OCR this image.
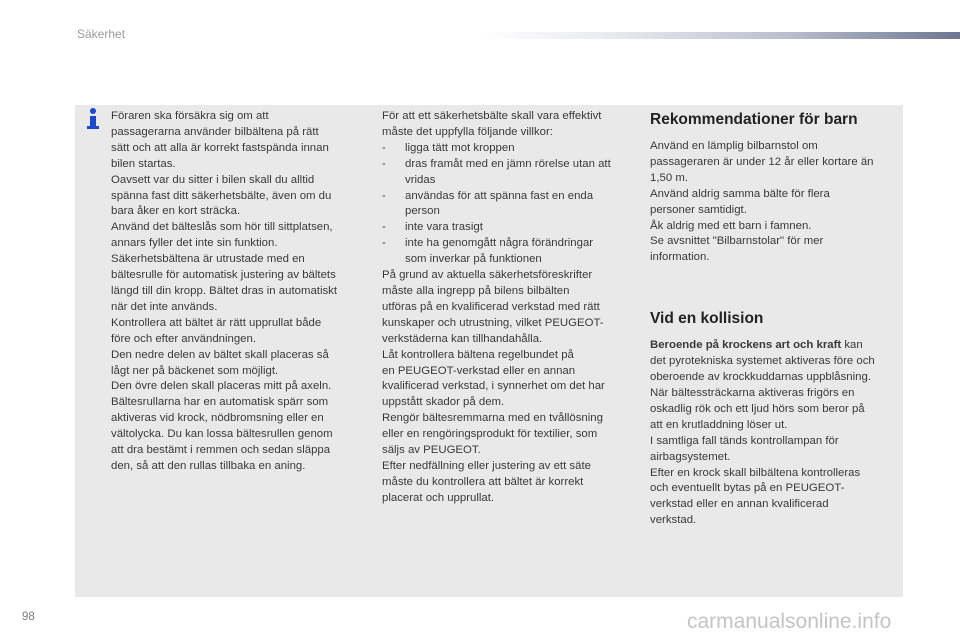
Säkerhet
Föraren ska försäkra sig om att
passagerarna använder bilbältena på rätt
sätt och att alla är korrekt fastspända innan
bilen startas.
Oavsett var du sitter i bilen skall du alltid
spänna fast ditt säkerhetsbälte, även om du
bara åker en kort sträcka.
Använd det bälteslås som hör till sittplatsen,
annars fyller det inte sin funktion.
Säkerhetsbältena är utrustade med en
bältesrulle för automatisk justering av bältets
längd till din kropp. Bältet dras in automatiskt
när det inte används.
Kontrollera att bältet är rätt upprullat både
före och efter användningen.
Den nedre delen av bältet skall placeras så
lågt ner på bäckenet som möjligt.
Den övre delen skall placeras mitt på axeln.
Bältesrullarna har en automatisk spärr som
aktiveras vid krock, nödbromsning eller en
vältolycka. Du kan lossa bältesrullen genom
att dra bestämt i remmen och sedan släppa
den, så att den rullas tillbaka en aning.
För att ett säkerhetsbälte skall vara effektivt
måste det uppfylla följande villkor:
- ligga tätt mot kroppen
- dras framåt med en jämn rörelse utan att
vridas
- användas för att spänna fast en enda
person
- inte vara trasigt
- inte ha genomgått några förändringar
som inverkar på funktionen
På grund av aktuella säkerhetsföreskrifter
måste alla ingrepp på bilens bilbälten
utföras på en kvalificerad verkstad med rätt
kunskaper och utrustning, vilket PEUGEOT-
verkstäderna kan tillhandahålla.
Låt kontrollera bältena regelbundet på
en PEUGEOT-verkstad eller en annan
kvalificerad verkstad, i synnerhet om det har
uppstått skador på dem.
Rengör bältesremmarna med en tvållösning
eller en rengöringsprodukt för textilier, som
säljs av PEUGEOT.
Efter nedfällning eller justering av ett säte
måste du kontrollera att bältet är korrekt
placerat och upprullat.
Rekommendationer för barn
Använd en lämplig bilbarnstol om
passageraren är under 12 år eller kortare än
1,50 m.
Använd aldrig samma bälte för flera
personer samtidigt.
Åk aldrig med ett barn i famnen.
Se avsnittet "Bilbarnstolar" för mer
information.
Vid en kollision
Beroende på krockens art och kraft kan
det pyrotekniska systemet aktiveras före och
oberoende av krockkuddarnas uppblåsning.
När bältessträckarna aktiveras frigörs en
oskadlig rök och ett ljud hörs som beror på
att en krutladdning löser ut.
I samtliga fall tänds kontrollampan för
airbagsystemet.
Efter en krock skall bilbältena kontrolleras
och eventuellt bytas på en PEUGEOT-
verkstad eller en annan kvalificerad
verkstad.
98	carmanualsonline.info
